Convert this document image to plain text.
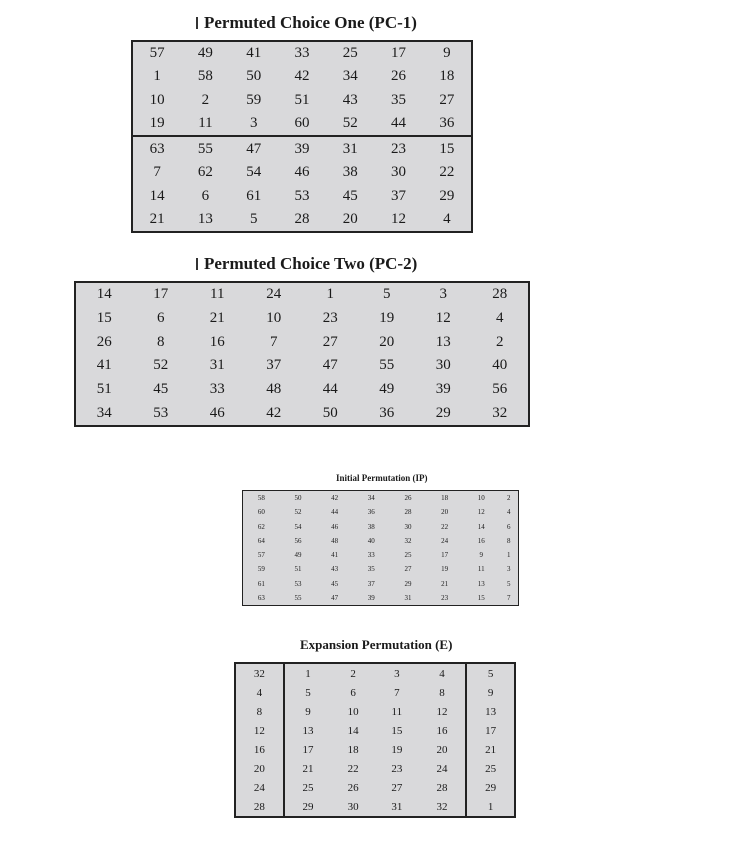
Permuted Choice One (PC-1)
57	49	41	33	25	17	9
1	58	50	42	34	26	18
10	2	59	51	43	35	27
19	11	3	60	52	44	36
63	55	47	39	31	23	15
7	62	54	46	38	30	22
14	6	61	53	45	37	29
21	13	5	28	20	12	4
Permuted Choice Two (PC-2)
14	17	11	24	1	5	3	28
15	6	21	10	23	19	12	4
26	8	16	7	27	20	13	2
41	52	31	37	47	55	30	40
51	45	33	48	44	49	39	56
34	53	46	42	50	36	29	32
Initial Permutation (IP)
58	50	42	34	26	18	10	2
60	52	44	36	28	20	12	4
62	54	46	38	30	22	14	6
64	56	48	40	32	24	16	8
57	49	41	33	25	17	9	1
59	51	43	35	27	19	11	3
61	53	45	37	29	21	13	5
63	55	47	39	31	23	15	7
Expansion Permutation (E)
32	1	2	3	4	5
4	5	6	7	8	9
8	9	10	11	12	13
12	13	14	15	16	17
16	17	18	19	20	21
20	21	22	23	24	25
24	25	26	27	28	29
28	29	30	31	32	1
